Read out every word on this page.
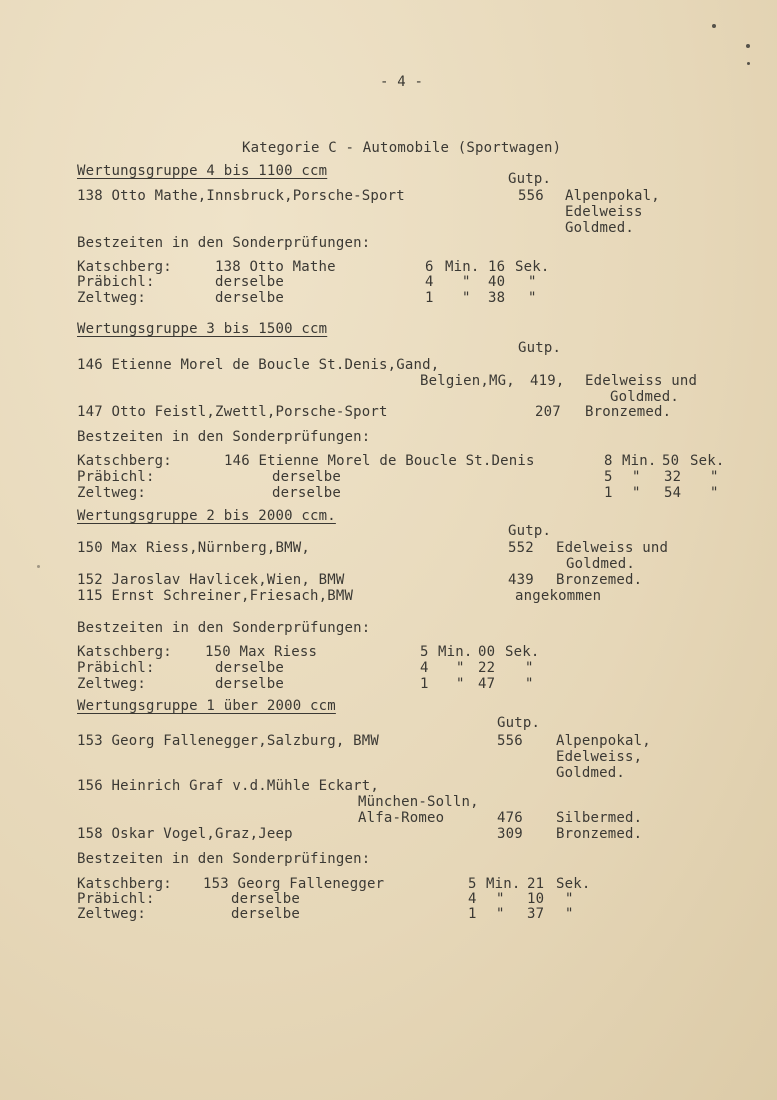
- 4 -
Kategorie C - Automobile (Sportwagen)
Wertungsgruppe 4 bis 1100 ccm	Gutp.
138 Otto Mathe,Innsbruck,Porsche-Sport	556 Alpenpokal,
Edelweiss
Goldmed.
Bestzeiten in den Sonderprüfungen:
Katschberg:	138 Otto Mathe	6 Min. 16 Sek.
Präbichl:	derselbe	4 " 40 "
Zeltweg:	derselbe	1 " 38 "
Wertungsgruppe 3 bis 1500 ccm
Gutp.
146 Etienne Morel de Boucle St.Denis,Gand,
Belgien,MG, 419, Edelweiss und
Goldmed.
147 Otto Feistl,Zwettl,Porsche-Sport	207 Bronzemed.
Bestzeiten in den Sonderprüfungen:
Katschberg:	146 Etienne Morel de Boucle St.Denis	8 Min. 50 Sek.
Präbichl:	derselbe	5 " 32 "
Zeltweg:	derselbe	1 " 54 "
Wertungsgruppe 2 bis 2000 ccm.
Gutp.
150 Max Riess,Nürnberg,BMW,	552 Edelweiss und
Goldmed.
152 Jaroslav Havlicek,Wien, BMW	439 Bronzemed.
115 Ernst Schreiner,Friesach,BMW	angekommen
Bestzeiten in den Sonderprüfungen:
Katschberg: 150 Max Riess	5 Min. 00 Sek.
Präbichl:	derselbe	4 " 22 "
Zeltweg:	derselbe	1 " 47 "
Wertungsgruppe 1 über 2000 ccm
Gutp.
153 Georg Fallenegger,Salzburg, BMW	556 Alpenpokal,
Edelweiss,
Goldmed.
156 Heinrich Graf v.d.Mühle Eckart,
München-Solln,
Alfa-Romeo	476 Silbermed.
158 Oskar Vogel,Graz,Jeep	309 Bronzemed.
Bestzeiten in den Sonderprüfingen:
Katschberg: 153 Georg Fallenegger	5 Min. 21 Sek.
Präbichl:	derselbe	4 " 10 "
Zeltweg:	derselbe	1 " 37 "
